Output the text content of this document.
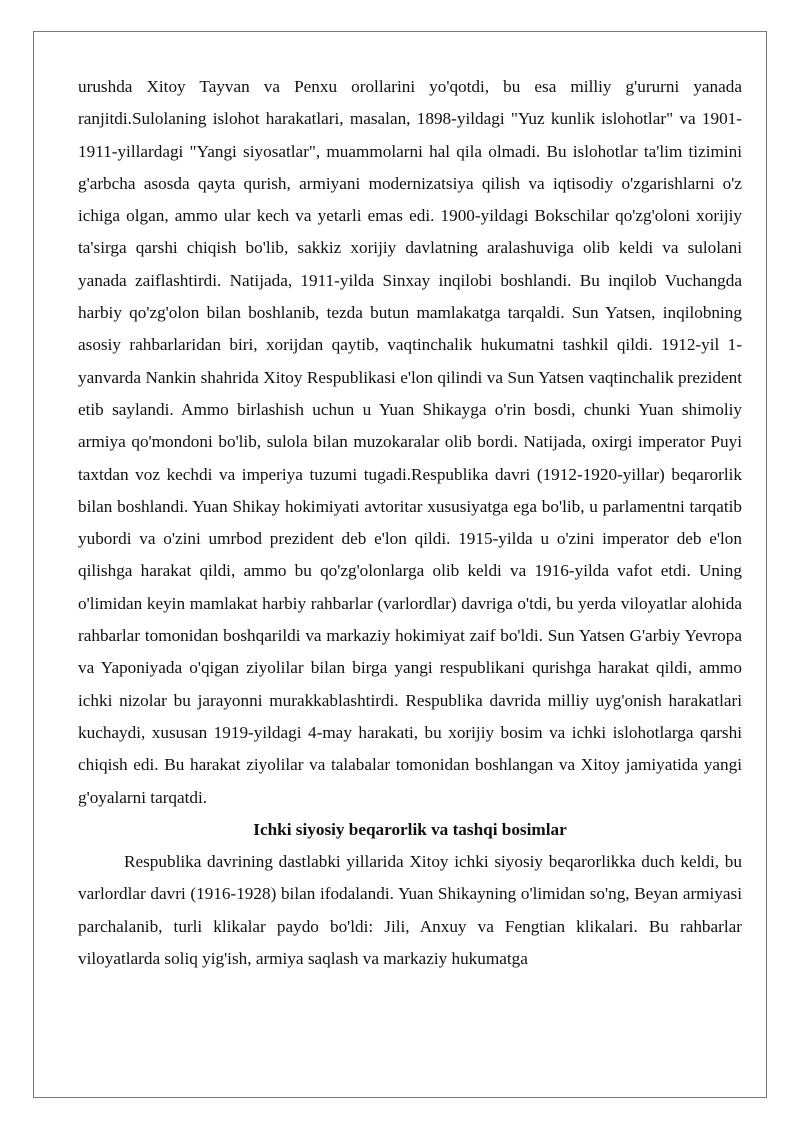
urushda Xitoy Tayvan va Penxu orollarini yo'qotdi, bu esa milliy g'ururni yanada ranjitdi.Sulolaning islohot harakatlari, masalan, 1898-yildagi "Yuz kunlik islohotlar" va 1901-1911-yillardagi "Yangi siyosatlar", muammolarni hal qila olmadi. Bu islohotlar ta'lim tizimini g'arbcha asosda qayta qurish, armiyani modernizatsiya qilish va iqtisodiy o'zgarishlarni o'z ichiga olgan, ammo ular kech va yetarli emas edi. 1900-yildagi Bokschilar qo'zg'oloni xorijiy ta'sirga qarshi chiqish bo'lib, sakkiz xorijiy davlatning aralashuviga olib keldi va sulolani yanada zaiflashtirdi. Natijada, 1911-yilda Sinxay inqilobi boshlandi. Bu inqilob Vuchangda harbiy qo'zg'olon bilan boshlanib, tezda butun mamlakatga tarqaldi. Sun Yatsen, inqilobning asosiy rahbarlaridan biri, xorijdan qaytib, vaqtinchalik hukumatni tashkil qildi. 1912-yil 1-yanvarda Nankin shahrida Xitoy Respublikasi e'lon qilindi va Sun Yatsen vaqtinchalik prezident etib saylandi. Ammo birlashish uchun u Yuan Shikayga o'rin bosdi, chunki Yuan shimoliy armiya qo'mondoni bo'lib, sulola bilan muzokaralar olib bordi. Natijada, oxirgi imperator Puyi taxtdan voz kechdi va imperiya tuzumi tugadi.Respublika davri (1912-1920-yillar) beqarorlik bilan boshlandi. Yuan Shikay hokimiyati avtoritar xususiyatga ega bo'lib, u parlamentni tarqatib yubordi va o'zini umrbod prezident deb e'lon qildi. 1915-yilda u o'zini imperator deb e'lon qilishga harakat qildi, ammo bu qo'zg'olonlarga olib keldi va 1916-yilda vafot etdi. Uning o'limidan keyin mamlakat harbiy rahbarlar (varlordlar) davriga o'tdi, bu yerda viloyatlar alohida rahbarlar tomonidan boshqarildi va markaziy hokimiyat zaif bo'ldi. Sun Yatsen G'arbiy Yevropa va Yaponiyada o'qigan ziyolilar bilan birga yangi respublikani qurishga harakat qildi, ammo ichki nizolar bu jarayonni murakkablashtirdi. Respublika davrida milliy uyg'onish harakatlari kuchaydi, xususan 1919-yildagi 4-may harakati, bu xorijiy bosim va ichki islohotlarga qarshi chiqish edi. Bu harakat ziyolilar va talabalar tomonidan boshlangan va Xitoy jamiyatida yangi g'oyalarni tarqatdi.

Ichki siyosiy beqarorlik va tashqi bosimlar

Respublika davrining dastlabki yillarida Xitoy ichki siyosiy beqarorlikka duch keldi, bu varlordlar davri (1916-1928) bilan ifodalandi. Yuan Shikayning o'limidan so'ng, Beyan armiyasi parchalanib, turli klikalar paydo bo'ldi: Jili, Anxuy va Fengtian klikalari. Bu rahbarlar viloyatlarda soliq yig'ish, armiya saqlash va markaziy hukumatga
